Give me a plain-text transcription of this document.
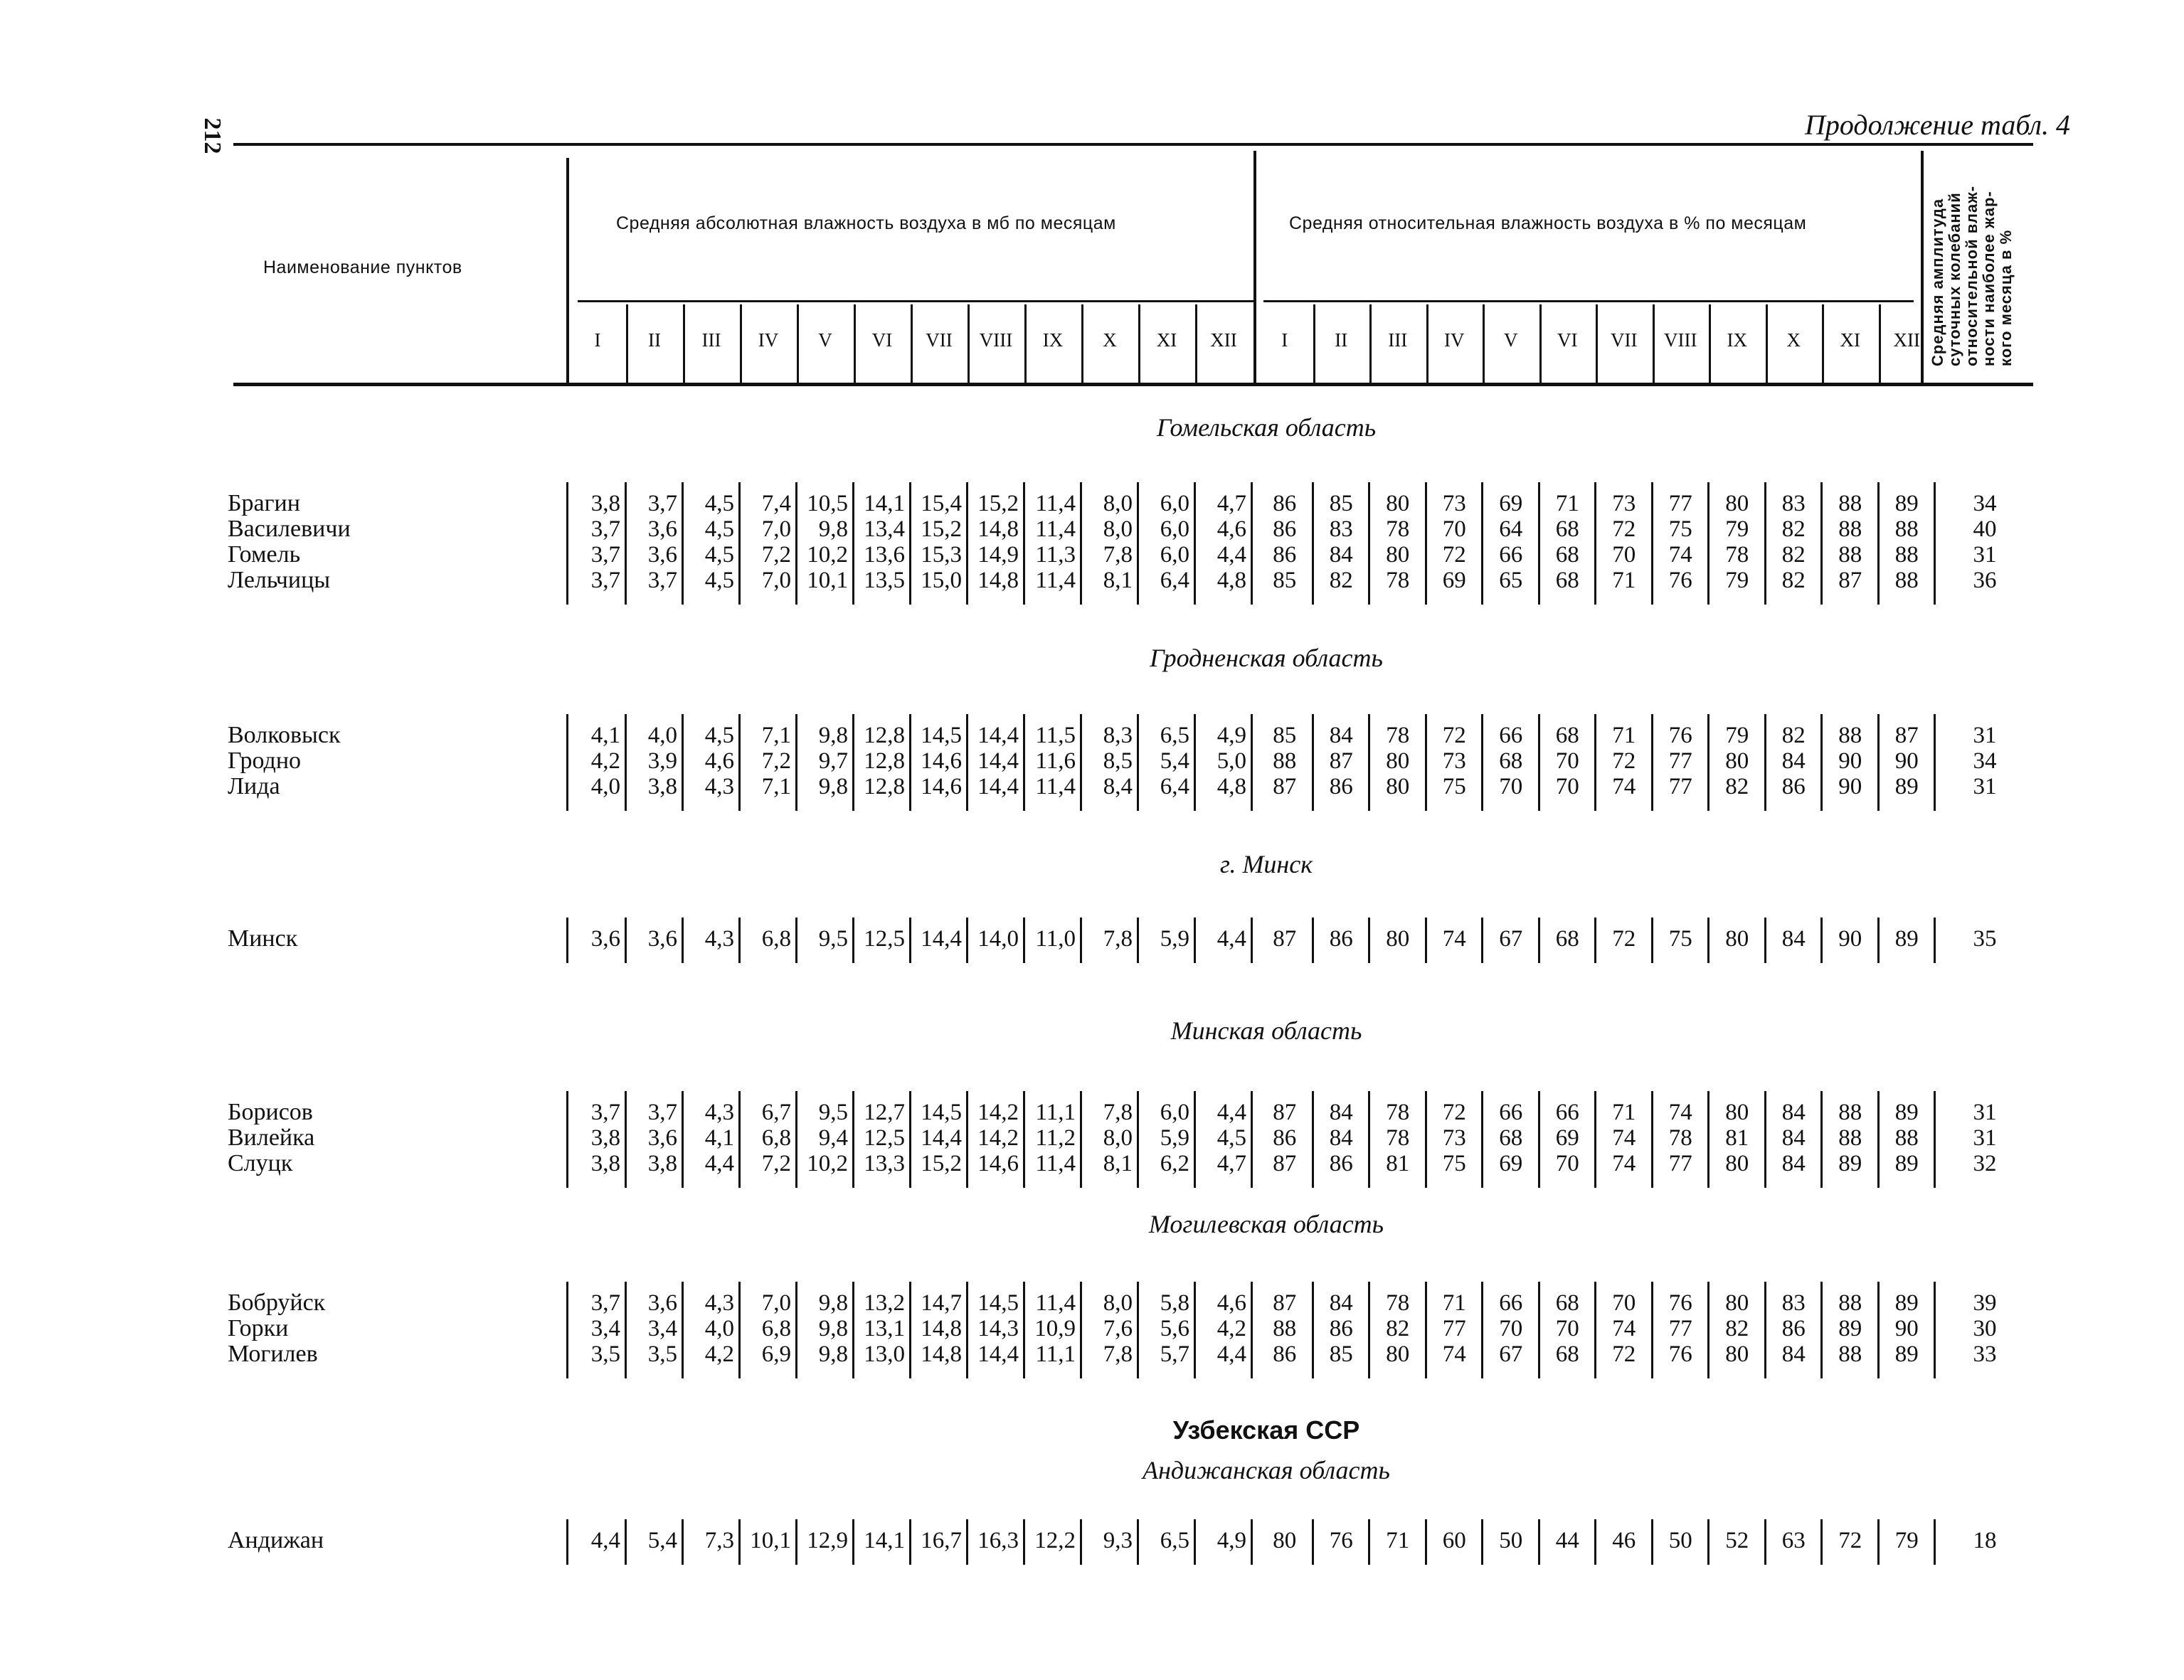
212	Продолжение табл. 4
Наименование пунктов
Средняя абсолютная влажность воздуха в мб по месяцам	Средняя относительная влажность воздуха в % по месяцам	Средняя амплитуда суточных колебаний относительной влаж- ности наиболее жар- кого месяца в %
I	I
II	II
III	III
IV	IV
V	V
VI	VI
VII	VII
VIII	VIII
IX	IX
X	X
XI	XI
XII	XII
Гомельская область
Брагин	3,8	3,7	4,5	7,4 10,5 14,1 15,4 15,2 11,4	8,0	6,0	4,7	86	85	80	73	69	71	73	77	80	83	88	89	34
Василевичи	3,7	3,6	4,5	7,0	9,8 13,4 15,2 14,8 11,4	8,0	6,0	4,6	86	83	78	70	64	68	72	75	79	82	88	88	40
Гомель	3,7	3,6	4,5	7,2 10,2 13,6 15,3 14,9 11,3	7,8	6,0	4,4	86	84	80	72	66	68	70	74	78	82	88	88	31
Лельчицы	3,7	3,7	4,5	7,0 10,1 13,5 15,0 14,8 11,4	8,1	6,4	4,8	85	82	78	69	65	68	71	76	79	82	87	88	36
Гродненская область
Волковыск	4,1	4,0	4,5	7,1	9,8 12,8 14,5 14,4 11,5	8,3	6,5	4,9	85	84	78	72	66	68	71	76	79	82	88	87	31
Гродно	4,2	3,9	4,6	7,2	9,7 12,8 14,6 14,4 11,6	8,5	5,4	5,0	88	87	80	73	68	70	72	77	80	84	90	90	34
Лида	4,0	3,8	4,3	7,1	9,8 12,8 14,6 14,4 11,4	8,4	6,4	4,8	87	86	80	75	70	70	74	77	82	86	90	89	31
г. Минск
Минск	3,6	3,6	4,3	6,8	9,5 12,5 14,4 14,0 11,0	7,8	5,9	4,4	87	86	80	74	67	68	72	75	80	84	90	89	35
Минская область
Борисов	3,7	3,7	4,3	6,7	9,5 12,7 14,5 14,2 11,1	7,8	6,0	4,4	87	84	78	72	66	66	71	74	80	84	88	89	31
Вилейка	3,8	3,6	4,1	6,8	9,4 12,5 14,4 14,2 11,2	8,0	5,9	4,5	86	84	78	73	68	69	74	78	81	84	88	88	31
Слуцк	3,8	3,8	4,4	7,2 10,2 13,3 15,2 14,6 11,4	8,1	6,2	4,7	87	86	81	75	69	70	74	77	80	84	89	89	32
Могилевская область
Бобруйск	3,7	3,6	4,3	7,0	9,8 13,2 14,7 14,5 11,4	8,0	5,8	4,6	87	84	78	71	66	68	70	76	80	83	88	89	39
Горки	3,4	3,4	4,0	6,8	9,8 13,1 14,8 14,3 10,9	7,6	5,6	4,2	88	86	82	77	70	70	74	77	82	86	89	90	30
Могилев	3,5	3,5	4,2	6,9	9,8 13,0 14,8 14,4 11,1	7,8	5,7	4,4	86	85	80	74	67	68	72	76	80	84	88	89	33
Узбекская ССР
Андижанская область
Андижан	4,4	5,4	7,3 10,1 12,9 14,1 16,7 16,3 12,2	9,3	6,5	4,9	80	76	71	60	50	44	46	50	52	63	72	79	18
